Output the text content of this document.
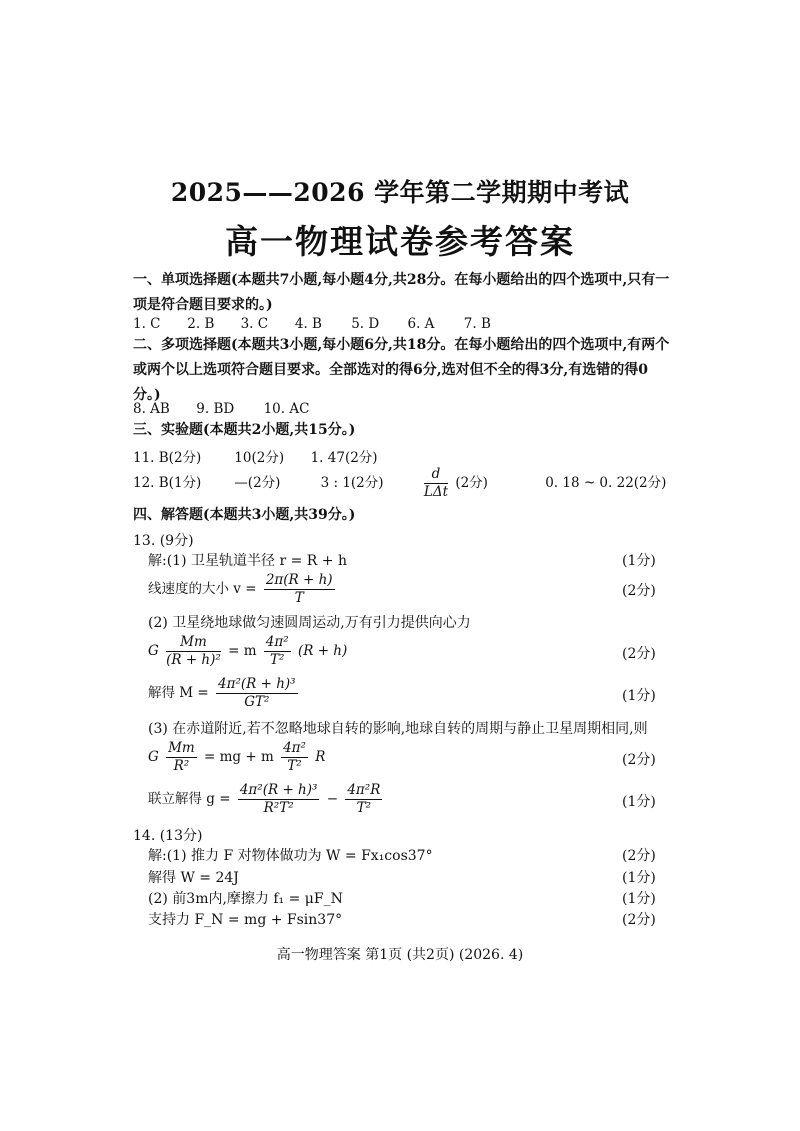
2025——2026 学年第二学期期中考试
高一物理试卷参考答案
一、单项选择题(本题共7小题,每小题4分,共28分。在每小题给出的四个选项中,只有一项是符合题目要求的。)
1. C 2. B 3. C 4. B 5. D 6. A 7. B
二、多项选择题(本题共3小题,每小题6分,共18分。在每小题给出的四个选项中,有两个或两个以上选项符合题目要求。全部选对的得6分,选对但不全的得3分,有选错的得0分。)
8. AB 9. BD 10. AC
三、实验题(本题共2小题,共15分。)
11. B(2分) 10(2分) 1. 47(2分)
12. B(1分) —(2分)	3 : 1(2分)	$\frac{d}{\text{LΔt}} (2$分)	0. 18 ~ 0. 22(2分)
四、解答题(本题共3小题,共39分。)
13. (9分)
解:(1) 卫星轨道半径 r = R + h	(1分)
线速度的大小 $v = \frac{2\pi(R + h)}{T}$	(2分)
(2) 卫星绕地球做匀速圆周运动,万有引力提供向心力
G $\frac{Mm}{\text{(R + h)²}} = m \frac{\text{4π²}}{\text{T²}} (R + h)$	(2分)
解得 $M = \frac{\text{4π²(R + h)³}}{\text{GT²}}$	(1分)
(3) 在赤道附近,若不忽略地球自转的影响,地球自转的周期与静止卫星周期相同,则
G $\frac{Mm}{\text{R²}}$ = mg + m $\frac{\text{4π²}}{\text{T²}}$ R	(2分)
联立解得 $g = \frac{\text{4π²(R + h)³}}{\text{R²T²}} - \frac{\text{4π²R}}{\text{T²}}$	(1分)
14. (13分)
解:(1) 推力 F 对物体做功为 W = Fx₁cos37°	(2分)
解得 W = 24J	(1分)
(2) 前3m内,摩擦力 f₁ = μF_N	(1分)
支持力 F_N = mg + Fsin37°	(2分)
高一物理答案 第1页 (共2页) (2026. 4)
